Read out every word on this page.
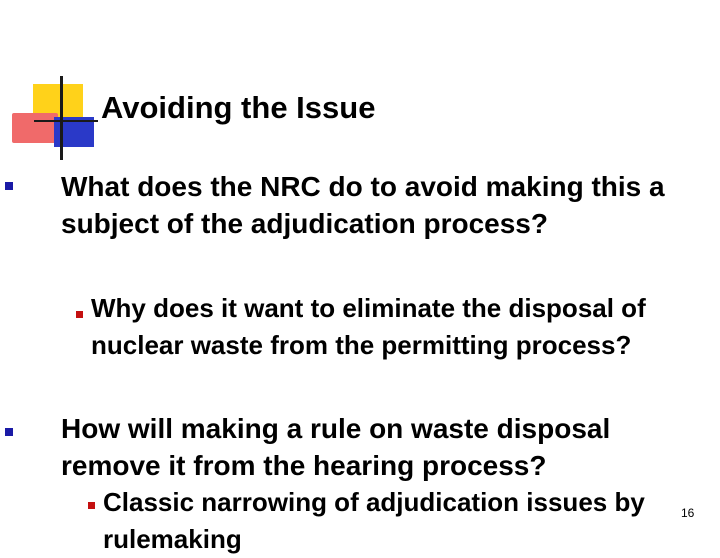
Avoiding the Issue

What does the NRC do to avoid making this a subject of the adjudication process?

Why does it want to eliminate the disposal of nuclear waste from the permitting process?

How will making a rule on waste disposal remove it from the hearing process?

Classic narrowing of adjudication issues by rulemaking

16
